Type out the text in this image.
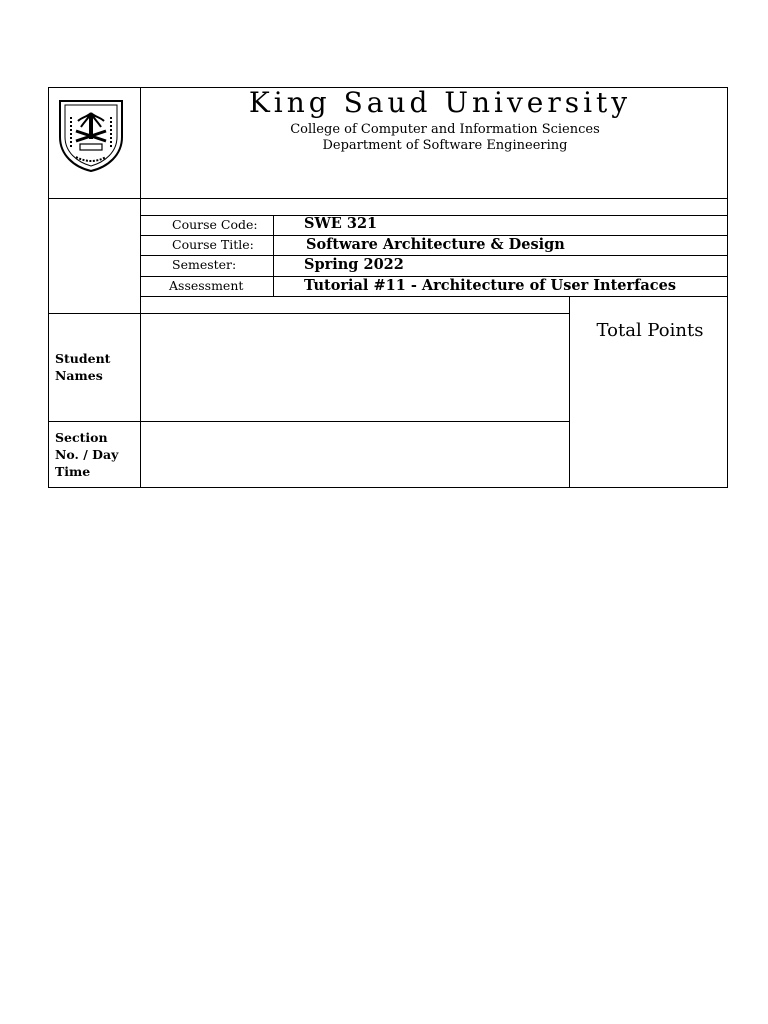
King Saud University
College of Computer and Information Sciences
Department of Software Engineering
Course Code:
Course Title:
Semester:
Assessment
SWE 321
Software Architecture & Design
Spring 2022
Tutorial #11 - Architecture of User Interfaces
Total Points
Student
Names
Section
No. / Day
Time
